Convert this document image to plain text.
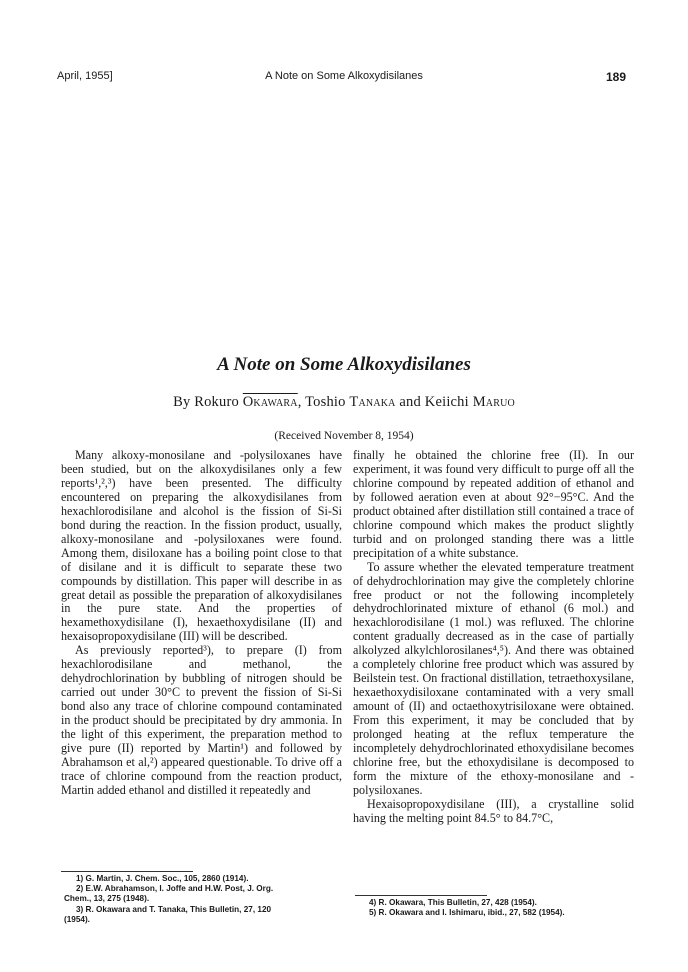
April, 1955]	A Note on Some Alkoxydisilanes	189
A Note on Some Alkoxydisilanes
By Rokuro Okawara, Toshio Tanaka and Keiichi Maruo
(Received November 8, 1954)

Many alkoxy-monosilane and -polysiloxanes have been studied, but on the alkoxydisilanes only a few reports¹,²,³) have been presented. The difficulty encountered on preparing the alkoxydisilanes from hexachlorodisilane and alcohol is the fission of Si-Si bond during the reaction. In the fission product, usually, alkoxy-monosilane and -polysiloxanes were found. Among them, disiloxane has a boiling point close to that of disilane and it is difficult to separate these two compounds by distillation. This paper will describe in as great detail as possible the preparation of alkoxydisilanes in the pure state. And the properties of hexamethoxydisilane (I), hexaethoxydisilane (II) and hexaisopropoxydisilane (III) will be described.

As previously reported³), to prepare (I) from hexachlorodisilane and methanol, the dehydrochlorination by bubbling of nitrogen should be carried out under 30°C to prevent the fission of Si-Si bond also any trace of chlorine compound contaminated in the product should be precipitated by dry ammonia. In the light of this experiment, the preparation method to give pure (II) reported by Martin¹) and followed by Abrahamson et al,²) appeared questionable. To drive off a trace of chlorine compound from the reaction product, Martin added ethanol and distilled it repeatedly and

finally he obtained the chlorine free (II). In our experiment, it was found very difficult to purge off all the chlorine compound by repeated addition of ethanol and by followed aeration even at about 92°−95°C. And the product obtained after distillation still contained a trace of chlorine compound which makes the product slightly turbid and on prolonged standing there was a little precipitation of a white substance.

To assure whether the elevated temperature treatment of dehydrochlorination may give the completely chlorine free product or not the following incompletely dehydrochlorinated mixture of ethanol (6 mol.) and hexachlorodisilane (1 mol.) was refluxed. The chlorine content gradually decreased as in the case of partially alkolyzed alkylchlorosilanes⁴,⁵). And there was obtained a completely chlorine free product which was assured by Beilstein test. On fractional distillation, tetraethoxysilane, hexaethoxydisiloxane contaminated with a very small amount of (II) and octaethoxytrisiloxane were obtained. From this experiment, it may be concluded that by prolonged heating at the reflux temperature the incompletely dehydrochlorinated ethoxydisilane becomes chlorine free, but the ethoxydisilane is decomposed to form the mixture of the ethoxy-monosilane and -polysiloxanes.

Hexaisopropoxydisilane (III), a crystalline solid having the melting point 84.5° to 84.7°C,

1) G. Martin, J. Chem. Soc., 105, 2860 (1914).

2) E.W. Abrahamson, I. Joffe and H.W. Post, J. Org.

Chem., 13, 275 (1948).

3) R. Okawara and T. Tanaka, This Bulletin, 27, 120

(1954).

4) R. Okawara, This Bulletin, 27, 428 (1954).

5) R. Okawara and I. Ishimaru, ibid., 27, 582 (1954).
